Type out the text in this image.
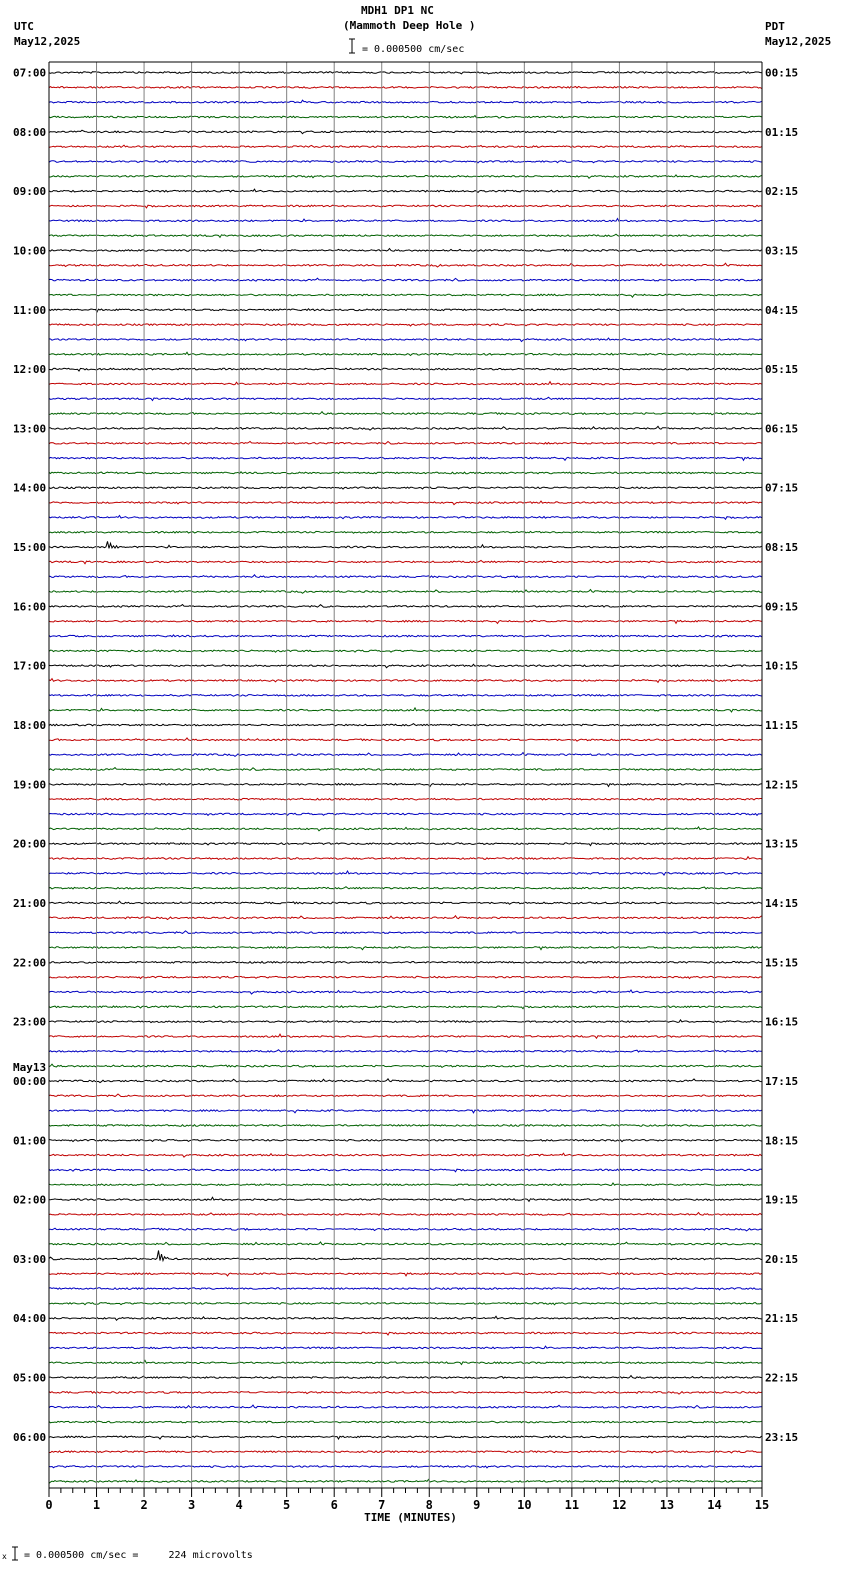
MDH1 DP1 NC
(Mammoth Deep Hole )
= 0.000500 cm/sec
UTC
May12,2025
PDT
May12,2025
= 0.000500 cm/sec =     224 microvolts
x
0	1	2	3	4	5	6	7	8	9	10	11	12	13	14	15
TIME (MINUTES)
07:00
08:00
09:00
10:00
11:00
12:00
13:00
14:00
15:00
16:00
17:00
18:00
19:00
20:00
21:00
22:00
23:00
00:00
01:00
02:00
03:00
04:00
05:00
06:00
May13
00:15
01:15
02:15
03:15
04:15
05:15
06:15
07:15
08:15
09:15
10:15
11:15
12:15
13:15
14:15
15:15
16:15
17:15
18:15
19:15
20:15
21:15
22:15
23:15
